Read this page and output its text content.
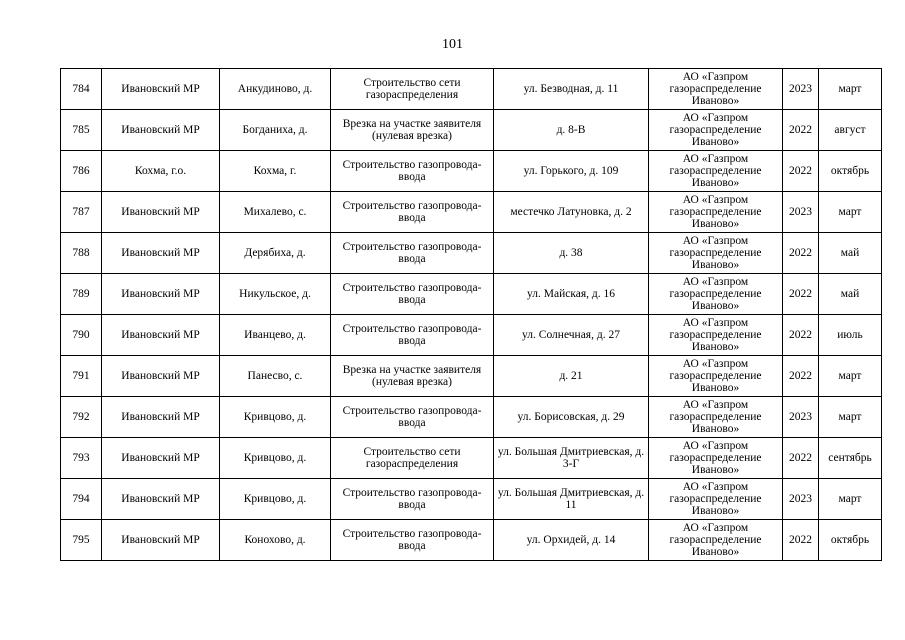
101
784	Ивановский МР	Анкудиново, д.	Строительство сети газораспределения	ул. Безводная, д. 11	АО «Газпром газораспределение Иваново»	2023	март
785	Ивановский МР	Богданиха, д.	Врезка на участке заявителя (нулевая врезка)	д. 8-В	АО «Газпром газораспределение Иваново»	2022	август
786	Кохма, г.о.	Кохма, г.	Строительство газопровода-ввода	ул. Горького, д. 109	АО «Газпром газораспределение Иваново»	2022	октябрь
787	Ивановский МР	Михалево, с.	Строительство газопровода-ввода	местечко Латуновка, д. 2	АО «Газпром газораспределение Иваново»	2023	март
788	Ивановский МР	Дерябиха, д.	Строительство газопровода-ввода	д. 38	АО «Газпром газораспределение Иваново»	2022	май
789	Ивановский МР	Никульское, д.	Строительство газопровода-ввода	ул. Майская, д. 16	АО «Газпром газораспределение Иваново»	2022	май
790	Ивановский МР	Иванцево, д.	Строительство газопровода-ввода	ул. Солнечная, д. 27	АО «Газпром газораспределение Иваново»	2022	июль
791	Ивановский МР	Панесво, с.	Врезка на участке заявителя (нулевая врезка)	д. 21	АО «Газпром газораспределение Иваново»	2022	март
792	Ивановский МР	Кривцово, д.	Строительство газопровода-ввода	ул. Борисовская, д. 29	АО «Газпром газораспределение Иваново»	2023	март
793	Ивановский МР	Кривцово, д.	Строительство сети газораспределения	ул. Большая Дмитриевская, д. 3-Г	АО «Газпром газораспределение Иваново»	2022	сентябрь
794	Ивановский МР	Кривцово, д.	Строительство газопровода-ввода	ул. Большая Дмитриевская, д. 11	АО «Газпром газораспределение Иваново»	2023	март
795	Ивановский МР	Конохово, д.	Строительство газопровода-ввода	ул. Орхидей, д. 14	АО «Газпром газораспределение Иваново»	2022	октябрь
